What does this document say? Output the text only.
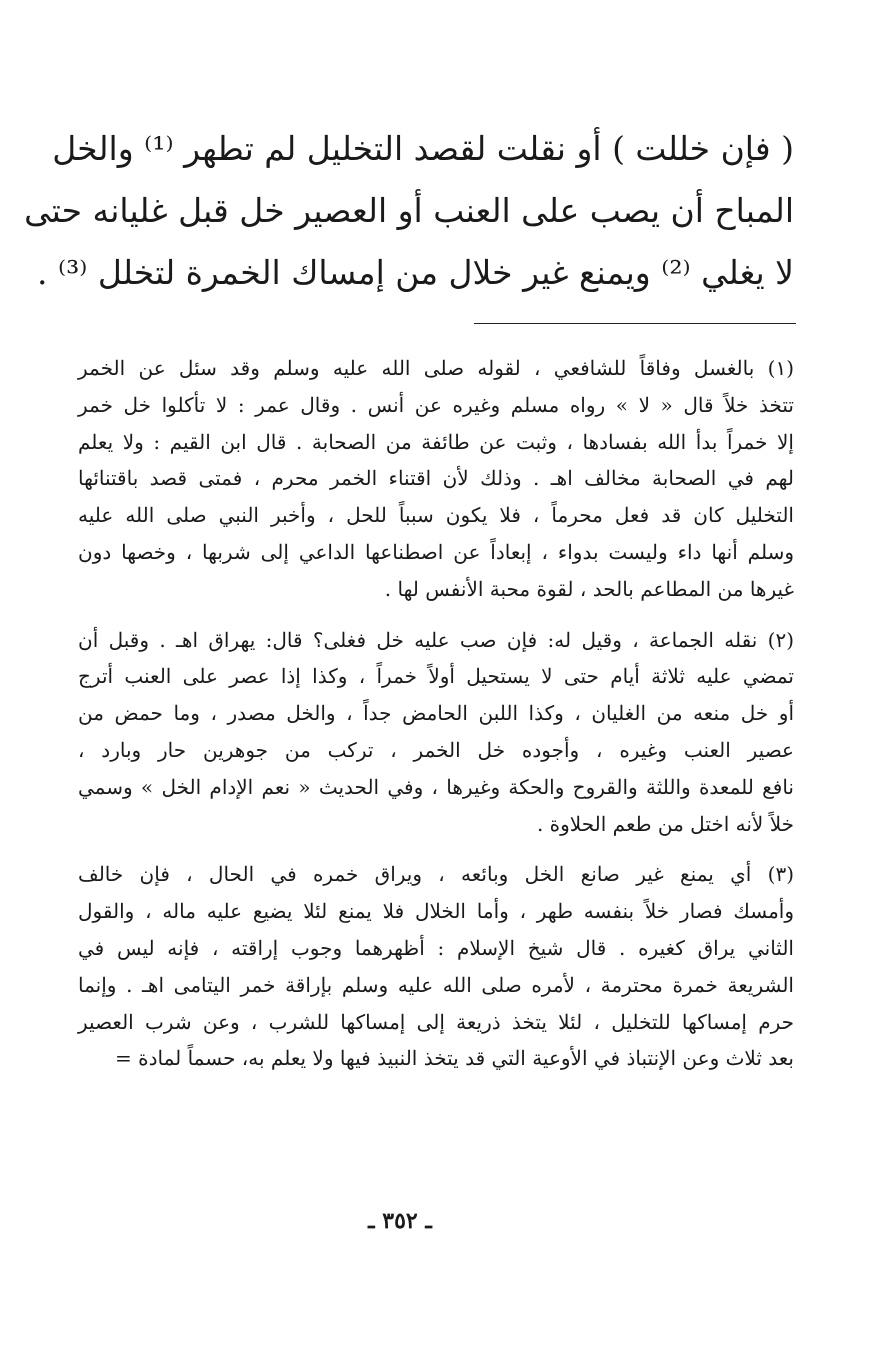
( فإن خللت ) أو نقلت لقصد التخليل لم تطهر ⁽¹⁾ والخل
المباح أن يصب على العنب أو العصير خل قبل غليانه حتى
لا يغلي ⁽²⁾ ويمنع غير خلال من إمساك الخمرة لتخلل ⁽³⁾ .
(١) بالغسل وفاقاً للشافعي ، لقوله صلى الله عليه وسلم وقد سئل عن الخمر
تتخذ خلاً قال « لا » رواه مسلم وغيره عن أنس . وقال عمر : لا تأكلوا خل خمر
إلا خمراً بدأ الله بفسادها ، وثبت عن طائفة من الصحابة . قال ابن القيم : ولا يعلم
لهم في الصحابة مخالف اهـ . وذلك لأن اقتناء الخمر محرم ، فمتى قصد باقتنائها
التخليل كان قد فعل محرماً ، فلا يكون سبباً للحل ، وأخبر النبي صلى الله عليه
وسلم أنها داء وليست بدواء ، إبعاداً عن اصطناعها الداعي إلى شربها ، وخصها دون
غيرها من المطاعم بالحد ، لقوة محبة الأنفس لها .
(٢) نقله الجماعة ، وقيل له: فإن صب عليه خل فغلى؟ قال: يهراق اهـ . وقبل أن
تمضي عليه ثلاثة أيام حتى لا يستحيل أولاً خمراً ، وكذا إذا عصر على العنب أترج
أو خل منعه من الغليان ، وكذا اللبن الحامض جداً ، والخل مصدر ، وما حمض من
عصير العنب وغيره ، وأجوده خل الخمر ، تركب من جوهرين حار وبارد ،
نافع للمعدة واللثة والقروح والحكة وغيرها ، وفي الحديث « نعم الإدام الخل » وسمي
خلاً لأنه اختل من طعم الحلاوة .
(٣) أي يمنع غير صانع الخل وبائعه ، ويراق خمره في الحال ، فإن خالف
وأمسك فصار خلاً بنفسه طهر ، وأما الخلال فلا يمنع لئلا يضيع عليه ماله ، والقول
الثاني يراق كغيره . قال شيخ الإسلام : أظهرهما وجوب إراقته ، فإنه ليس في
الشريعة خمرة محترمة ، لأمره صلى الله عليه وسلم بإراقة خمر اليتامى اهـ . وإنما
حرم إمساكها للتخليل ، لئلا يتخذ ذريعة إلى إمساكها للشرب ، وعن شرب العصير
بعد ثلاث وعن الإنتباذ في الأوعية التي قد يتخذ النبيذ فيها ولا يعلم به، حسماً لمادة =
ـ ٣٥٢ ـ
